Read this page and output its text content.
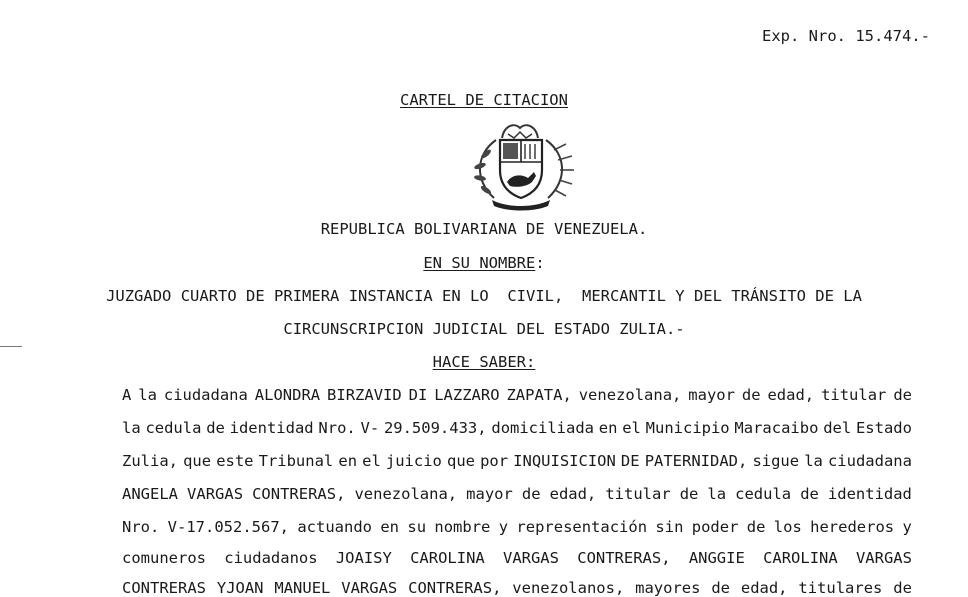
Exp. Nro. 15.474.-
CARTEL DE CITACION
REPUBLICA BOLIVARIANA DE VENEZUELA.
EN SU NOMBRE:
JUZGADO CUARTO DE PRIMERA INSTANCIA EN LO  CIVIL,  MERCANTIL Y DEL TRÁNSITO DE LA
CIRCUNSCRIPCION JUDICIAL DEL ESTADO ZULIA.-
HACE SABER:
A la ciudadana ALONDRA BIRZAVID DI LAZZARO ZAPATA, venezolana, mayor de edad, titular de
la cedula de identidad Nro. V- 29.509.433, domiciliada en el Municipio Maracaibo del Estado
Zulia, que este Tribunal en el juicio que por INQUISICION DE PATERNIDAD, sigue la ciudadana
ANGELA VARGAS CONTRERAS, venezolana, mayor de edad, titular de la cedula de identidad
Nro. V-17.052.567, actuando en su nombre y representación sin poder de los herederos y
comuneros ciudadanos JOAISY CAROLINA VARGAS CONTRERAS, ANGGIE CAROLINA VARGAS
CONTRERAS YJOAN MANUEL VARGAS CONTRERAS, venezolanos, mayores de edad, titulares de
